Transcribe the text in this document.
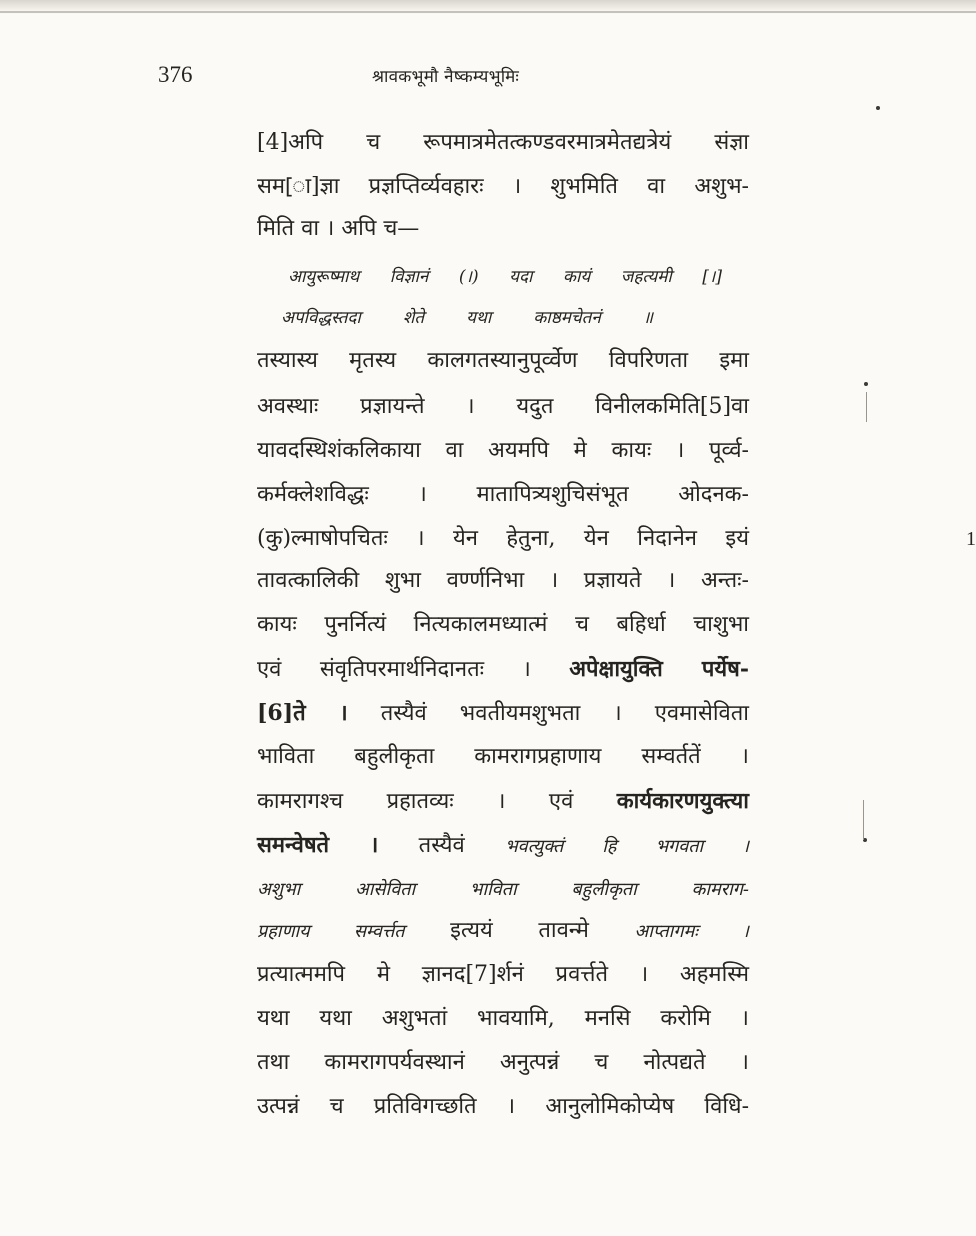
376	श्रावकभूमौ नैष्कम्यभूमिः
[4]अपि च रूपमात्रमेतत्कण्डवरमात्रमेतद्यत्रेयं संज्ञा
सम[ा]ज्ञा प्रज्ञप्तिर्व्यवहारः । शुभमिति वा अशुभ-
मिति वा । अपि च—
आयुरूष्माथ विज्ञानं (।) यदा कायं जहत्यमी [।]
अपविद्धस्तदा शेते यथा काष्ठमचेतनं ॥
तस्यास्य मृतस्य कालगतस्यानुपूर्व्वेण विपरिणता इमा
अवस्थाः प्रज्ञायन्ते । यदुत विनीलकमिति[5]वा
यावदस्थिशंकलिकाया वा अयमपि मे कायः । पूर्व्व-
कर्मक्लेशविद्धः । मातापित्र्यशुचिसंभूत ओदनक-
(कु)ल्माषोपचितः । येन हेतुना, येन निदानेन इयं
तावत्कालिकी शुभा वर्ण्णनिभा । प्रज्ञायते । अन्तः-
कायः पुनर्नित्यं नित्यकालमध्यात्मं च बहिर्धा चाशुभा
एवं संवृतिपरमार्थनिदानतः । अपेक्षायुक्ति पर्येष-
[6]ते । तस्यैवं भवतीयमशुभता । एवमासेविता
भाविता बहुलीकृता कामरागप्रहाणाय सम्वर्ततें ।
कामरागश्च प्रहातव्यः । एवं कार्यकारणयुक्त्या
समन्वेषते । तस्यैवं भवत्युक्तं हि भगवता ।
अशुभा आसेविता भाविता बहुलीकृता कामराग-
प्रहाणाय सम्वर्त्तत इत्ययं तावन्मे	आप्तागमः ।
प्रत्यात्ममपि मे ज्ञानद[7]र्शनं प्रवर्त्तते । अहमस्मि
यथा यथा अशुभतां भावयामि, मनसि करोमि ।
तथा कामरागपर्यवस्थानं अनुत्पन्नं च नोत्पद्यते ।
उत्पन्नं च प्रतिविगच्छति । आनुलोमिकोप्येष विधि-
1
